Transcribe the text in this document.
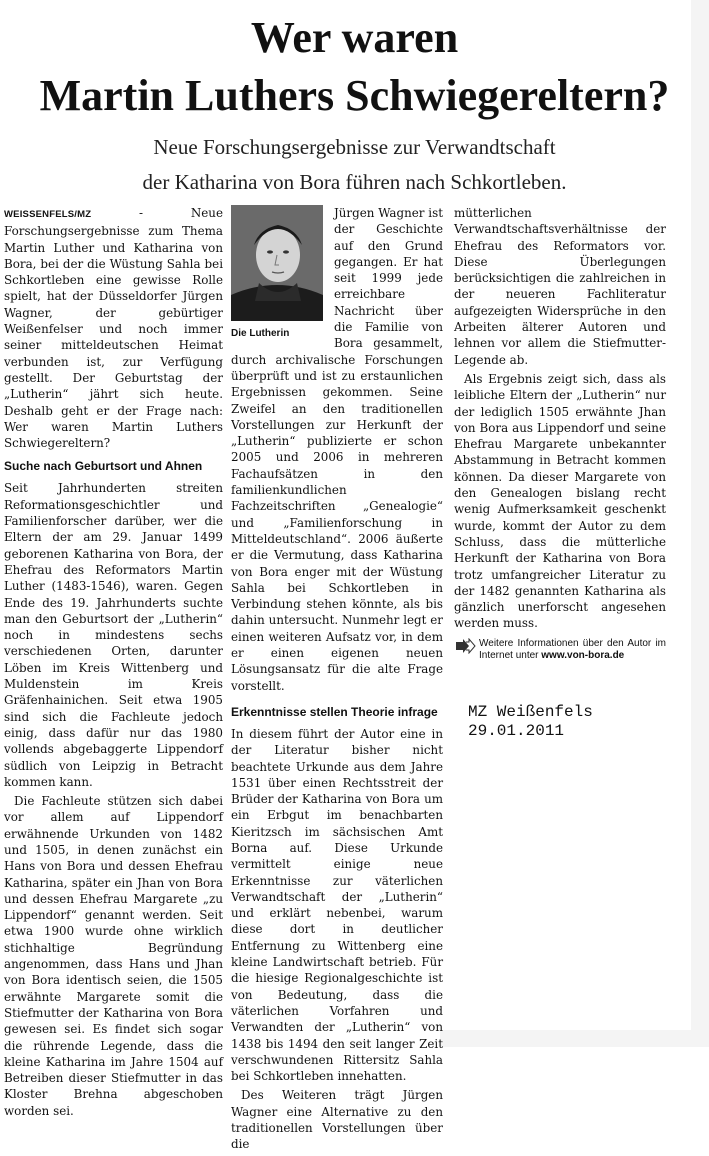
Wer waren
Martin Luthers Schwiegereltern?
Neue Forschungsergebnisse zur Verwandtschaft
der Katharina von Bora führen nach Schkortleben.

WEISSENFELS/MZ - Neue Forschungsergebnisse zum Thema Martin Luther und Katharina von Bora, bei der die Wüstung Sahla bei Schkortleben eine gewisse Rolle spielt, hat der Düsseldorfer Jürgen Wagner, der gebürtiger Weißenfelser und noch immer seiner mitteldeutschen Heimat verbunden ist, zur Verfügung gestellt. Der Geburtstag der „Lutherin“ jährt sich heute. Deshalb geht er der Frage nach: Wer waren Martin Luthers Schwiegereltern?

Suche nach Geburtsort und Ahnen

Seit Jahrhunderten streiten Reformationsgeschichtler und Familienforscher darüber, wer die Eltern der am 29. Januar 1499 geborenen Katharina von Bora, der Ehefrau des Reformators Martin Luther (1483-1546), waren. Gegen Ende des 19. Jahrhunderts suchte man den Geburtsort der „Lutherin“ noch in mindestens sechs verschiedenen Orten, darunter Löben im Kreis Wittenberg und Muldenstein im Kreis Gräfenhainichen. Seit etwa 1905 sind sich die Fachleute jedoch einig, dass dafür nur das 1980 vollends abgebaggerte Lippendorf südlich von Leipzig in Betracht kommen kann.

Die Fachleute stützen sich dabei vor allem auf Lippendorf erwähnende Urkunden von 1482 und 1505, in denen zunächst ein Hans von Bora und dessen Ehefrau Katharina, später ein Jhan von Bora und dessen Ehefrau Margarete „zu Lippendorf“ genannt werden. Seit etwa 1900 wurde ohne wirklich stichhaltige Begründung angenommen, dass Hans und Jhan von Bora identisch seien, die 1505 erwähnte Margarete somit die Stiefmutter der Katharina von Bora gewesen sei. Es findet sich sogar die rührende Legende, dass die kleine Katharina im Jahre 1504 auf Betreiben dieser Stiefmutter in das Kloster Brehna abgeschoben worden sei.

Die Lutherin

Jürgen Wagner ist der Geschichte auf den Grund gegangen. Er hat seit 1999 jede erreichbare Nachricht über die Familie von Bora gesammelt, durch archivalische Forschungen überprüft und ist zu erstaunlichen Ergebnissen gekommen. Seine Zweifel an den traditionellen Vorstellungen zur Herkunft der „Lutherin“ publizierte er schon 2005 und 2006 in mehreren Fachaufsätzen in den familienkundlichen Fachzeitschriften „Genealogie“ und „Familienforschung in Mitteldeutschland“. 2006 äußerte er die Vermutung, dass Katharina von Bora enger mit der Wüstung Sahla bei Schkortleben in Verbindung stehen könnte, als bis dahin untersucht. Nunmehr legt er einen weiteren Aufsatz vor, in dem er einen eigenen neuen Lösungsansatz für die alte Frage vorstellt.

Erkenntnisse stellen Theorie infrage

In diesem führt der Autor eine in der Literatur bisher nicht beachtete Urkunde aus dem Jahre 1531 über einen Rechtsstreit der Brüder der Katharina von Bora um ein Erbgut im benachbarten Kieritzsch im sächsischen Amt Borna auf. Diese Urkunde vermittelt einige neue Erkenntnisse zur väterlichen Verwandtschaft der „Lutherin“ und erklärt nebenbei, warum diese dort in deutlicher Entfernung zu Wittenberg eine kleine Landwirtschaft betrieb. Für die hiesige Regionalgeschichte ist von Bedeutung, dass die väterlichen Vorfahren und Verwandten der „Lutherin“ von 1438 bis 1494 den seit langer Zeit verschwundenen Rittersitz Sahla bei Schkortleben innehatten.

Des Weiteren trägt Jürgen Wagner eine Alternative zu den traditionellen Vorstellungen über die

mütterlichen Verwandtschaftsverhältnisse der Ehefrau des Reformators vor. Diese Überlegungen berücksichtigen die zahlreichen in der neueren Fachliteratur aufgezeigten Widersprüche in den Arbeiten älterer Autoren und lehnen vor allem die Stiefmutter-Legende ab.

Als Ergebnis zeigt sich, dass als leibliche Eltern der „Lutherin“ nur der lediglich 1505 erwähnte Jhan von Bora aus Lippendorf und seine Ehefrau Margarete unbekannter Abstammung in Betracht kommen können. Da dieser Margarete von den Genealogen bislang recht wenig Aufmerksamkeit geschenkt wurde, kommt der Autor zu dem Schluss, dass die mütterliche Herkunft der Katharina von Bora trotz umfangreicher Literatur zu der 1482 genannten Katharina als gänzlich unerforscht angesehen werden muss.

Weitere Informationen über den Autor im Internet unter www.von-bora.de
MZ Weißenfels
29.01.2011
